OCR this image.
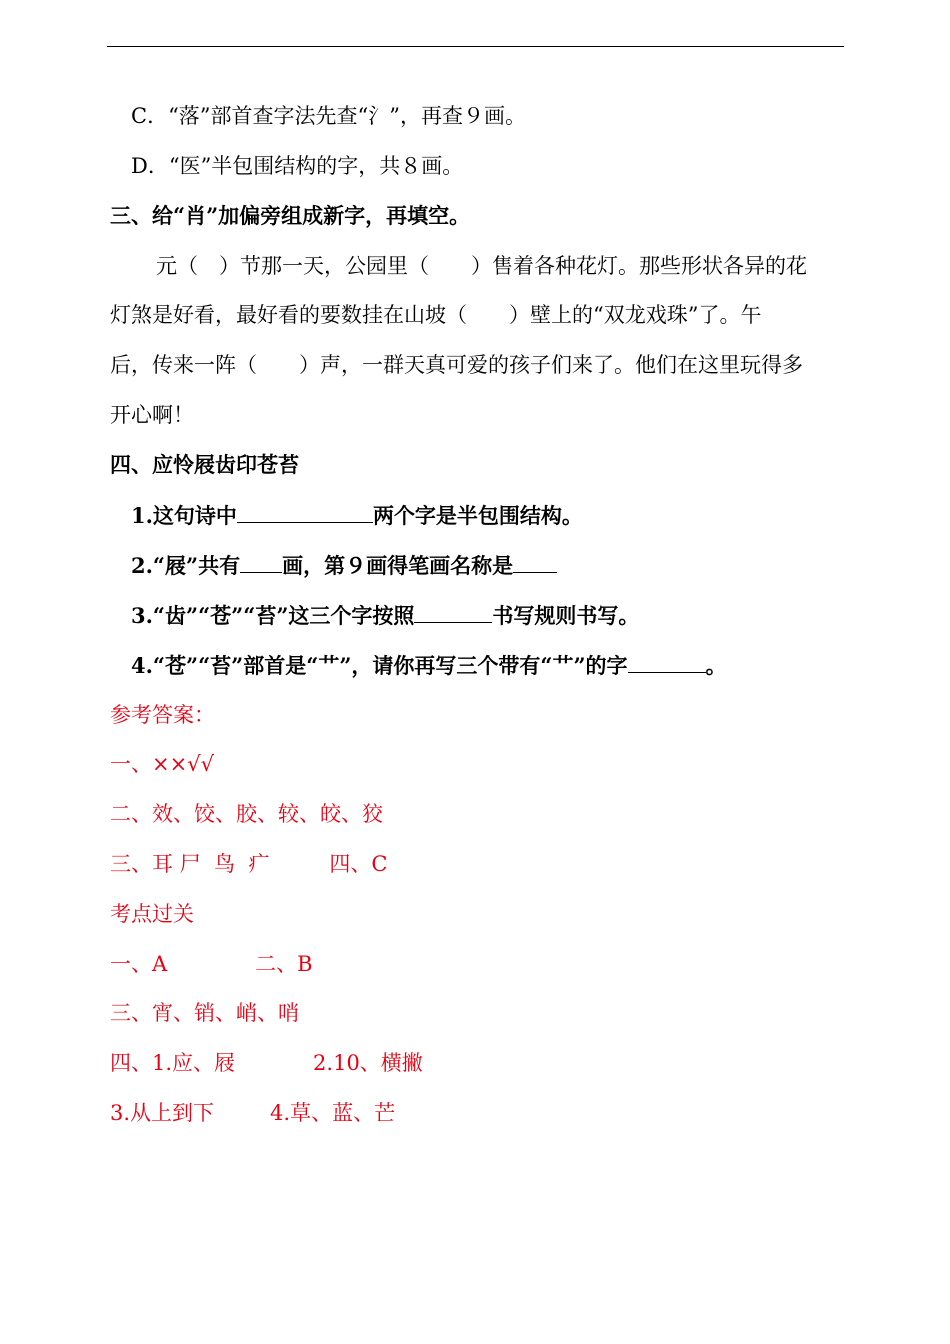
C．“落”部首查字法先查“氵”，再查９画。
D．“医”半包围结构的字，共８画。
三、给“肖”加偏旁组成新字，再填空。
元（　）节那一天，公园里（　　）售着各种花灯。那些形状各异的花
灯煞是好看，最好看的要数挂在山坡（　　）壁上的“双龙戏珠”了。午
后，传来一阵（　　）声，一群天真可爱的孩子们来了。他们在这里玩得多
开心啊！
四、应怜屐齿印苍苔
1.这句诗中	两个字是半包围结构。
2.“屐”共有 画，第９画得笔画名称是
3.“齿”“苍”“苔”这三个字按照	书写规则书写。
4.“苍”“苔”部首是“艹”，请你再写三个带有“艹”的字	。
参考答案：
一、××√√
二、效、饺、胶、较、皎、狡
三、耳 尸  鸟  疒	四、C
考点过关
一、A	二、B
三、宵、销、峭、哨
四、1.应、屐	2.10、横撇
3.从上到下	4.草、蓝、芒
